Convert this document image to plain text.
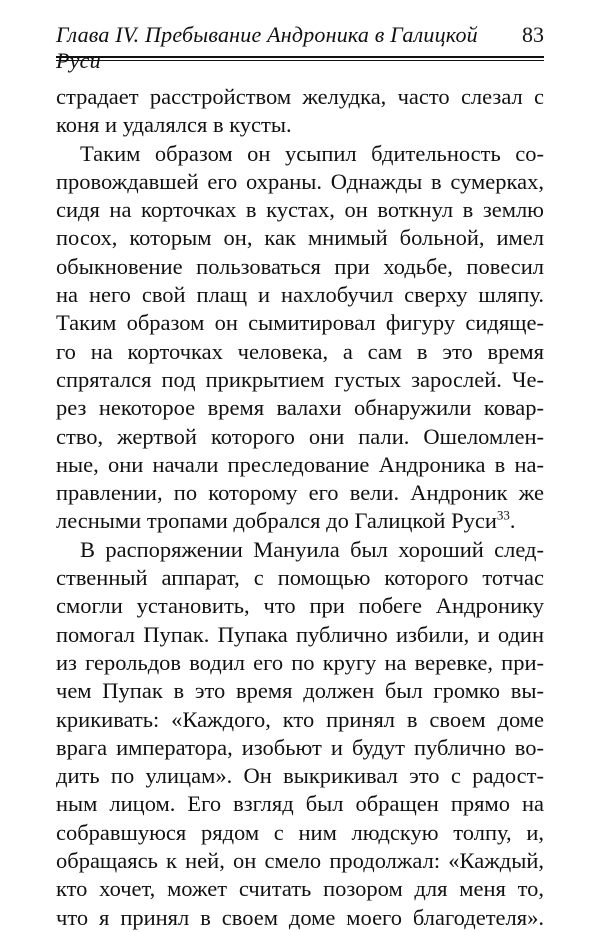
Глава IV. Пребывание Андроника в Галицкой Руси
83

страдает расстройством желудка, часто слезал с
коня и удалялся в кусты.

Таким образом он усыпил бдительность со-
провождавшей его охраны. Однажды в сумерках,
сидя на корточках в кустах, он воткнул в землю
посох, которым он, как мнимый больной, имел
обыкновение пользоваться при ходьбе, повесил
на него свой плащ и нахлобучил сверху шляпу.
Таким образом он сымитировал фигуру сидяще-
го на корточках человека, а сам в это время
спрятался под прикрытием густых зарослей. Че-
рез некоторое время валахи обнаружили ковар-
ство, жертвой которого они пали. Ошеломлен-
ные, они начали преследование Андроника в на-
правлении, по которому его вели. Андроник же
лесными тропами добрался до Галицкой Руси$^{33}$.

В распоряжении Мануила был хороший след-
ственный аппарат, с помощью которого тотчас
смогли установить, что при побеге Андронику
помогал Пупак. Пупака публично избили, и один
из герольдов водил его по кругу на веревке, при-
чем Пупак в это время должен был громко вы-
крикивать: «Каждого, кто принял в своем доме
врага императора, изобьют и будут публично во-
дить по улицам». Он выкрикивал это с радост-
ным лицом. Его взгляд был обращен прямо на
собравшуюся рядом с ним людскую толпу, и,
обращаясь к ней, он смело продолжал: «Каждый,
кто хочет, может считать позором для меня то,
что я принял в своем доме моего благодетеля».
